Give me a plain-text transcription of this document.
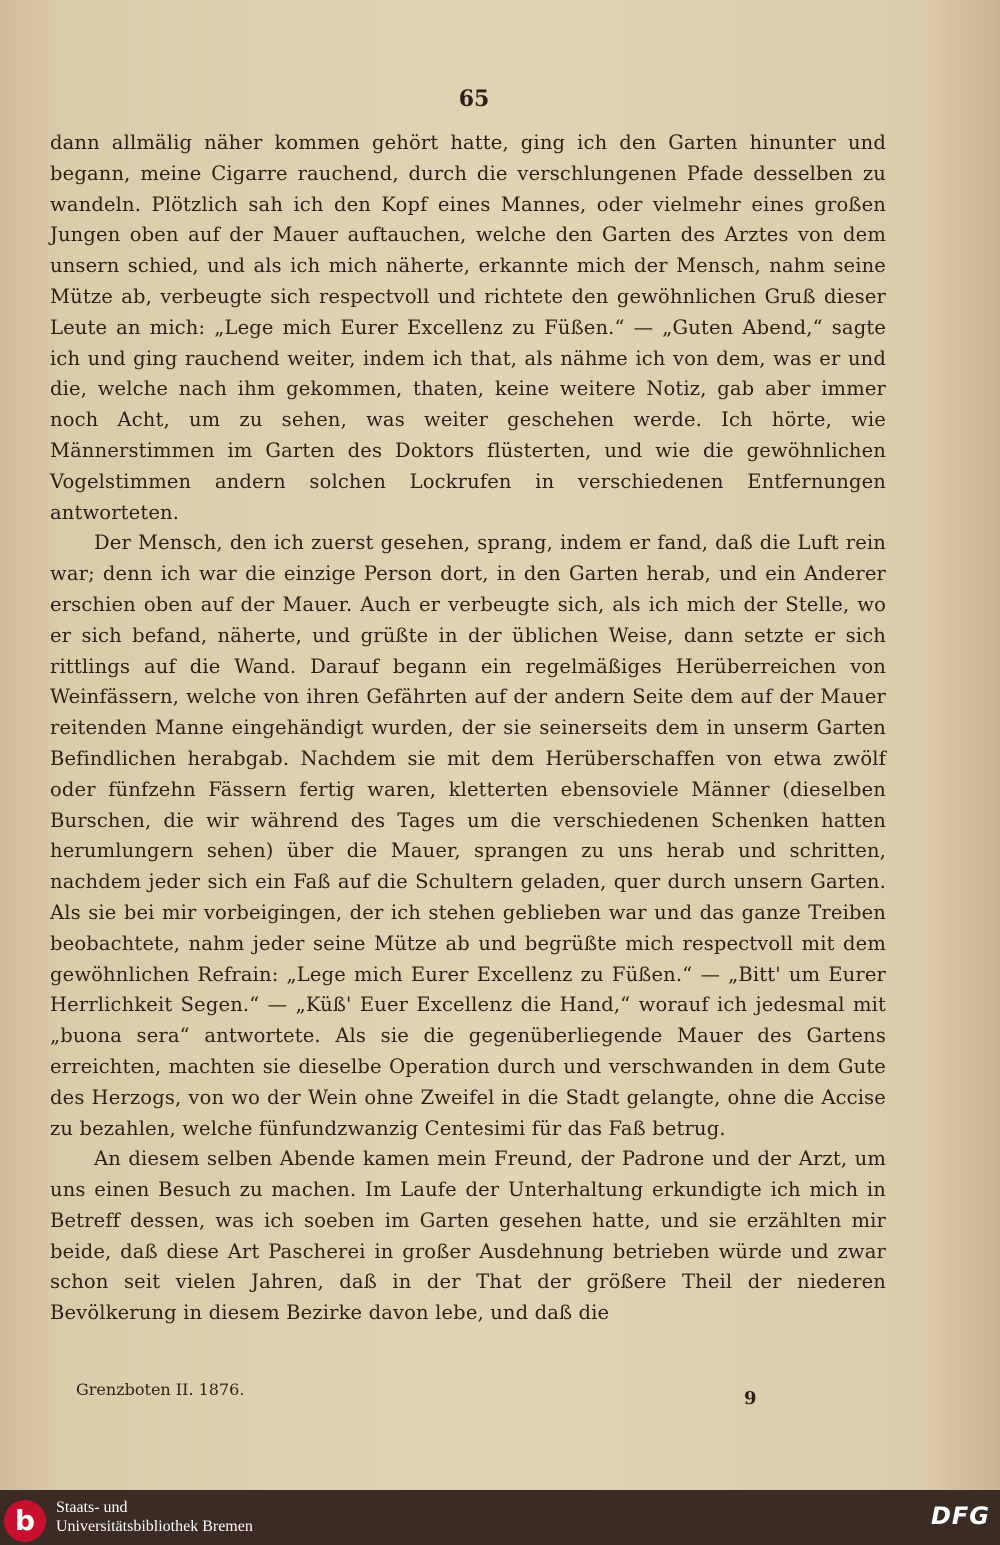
65

dann allmälig näher kommen gehört hatte, ging ich den Garten hinunter und begann, meine Cigarre rauchend, durch die verschlungenen Pfade desselben zu wandeln. Plötzlich sah ich den Kopf eines Mannes, oder vielmehr eines großen Jungen oben auf der Mauer auftauchen, welche den Garten des Arztes von dem unsern schied, und als ich mich näherte, erkannte mich der Mensch, nahm seine Mütze ab, verbeugte sich respectvoll und richtete den gewöhnlichen Gruß dieser Leute an mich: „Lege mich Eurer Excellenz zu Füßen.“ — „Guten Abend,“ sagte ich und ging rauchend weiter, indem ich that, als nähme ich von dem, was er und die, welche nach ihm gekommen, thaten, keine weitere Notiz, gab aber immer noch Acht, um zu sehen, was weiter geschehen werde. Ich hörte, wie Männerstimmen im Garten des Doktors flüsterten, und wie die gewöhnlichen Vogelstimmen andern solchen Lockrufen in verschiedenen Entfernungen antworteten.

Der Mensch, den ich zuerst gesehen, sprang, indem er fand, daß die Luft rein war; denn ich war die einzige Person dort, in den Garten herab, und ein Anderer erschien oben auf der Mauer. Auch er verbeugte sich, als ich mich der Stelle, wo er sich befand, näherte, und grüßte in der üblichen Weise, dann setzte er sich rittlings auf die Wand. Darauf begann ein regelmäßiges Herüberreichen von Weinfässern, welche von ihren Gefährten auf der andern Seite dem auf der Mauer reitenden Manne eingehändigt wurden, der sie seinerseits dem in unserm Garten Befindlichen herabgab. Nachdem sie mit dem Herüberschaffen von etwa zwölf oder fünfzehn Fässern fertig waren, kletterten ebensoviele Männer (dieselben Burschen, die wir während des Tages um die verschiedenen Schenken hatten herumlungern sehen) über die Mauer, sprangen zu uns herab und schritten, nachdem jeder sich ein Faß auf die Schultern geladen, quer durch unsern Garten. Als sie bei mir vorbeigingen, der ich stehen geblieben war und das ganze Treiben beobachtete, nahm jeder seine Mütze ab und begrüßte mich respectvoll mit dem gewöhnlichen Refrain: „Lege mich Eurer Excellenz zu Füßen.“ — „Bitt' um Eurer Herrlichkeit Segen.“ — „Küß' Euer Excellenz die Hand,“ worauf ich jedesmal mit „buona sera“ antwortete. Als sie die gegenüberliegende Mauer des Gartens erreichten, machten sie dieselbe Operation durch und verschwanden in dem Gute des Herzogs, von wo der Wein ohne Zweifel in die Stadt gelangte, ohne die Accise zu bezahlen, welche fünfundzwanzig Centesimi für das Faß betrug.

An diesem selben Abende kamen mein Freund, der Padrone und der Arzt, um uns einen Besuch zu machen. Im Laufe der Unterhaltung erkundigte ich mich in Betreff dessen, was ich soeben im Garten gesehen hatte, und sie erzählten mir beide, daß diese Art Pascherei in großer Ausdehnung betrieben würde und zwar schon seit vielen Jahren, daß in der That der größere Theil der niederen Bevölkerung in diesem Bezirke davon lebe, und daß die

Grenzboten II. 1876.	9
b Staats- und
Universitätsbibliothek Bremen	DFG
